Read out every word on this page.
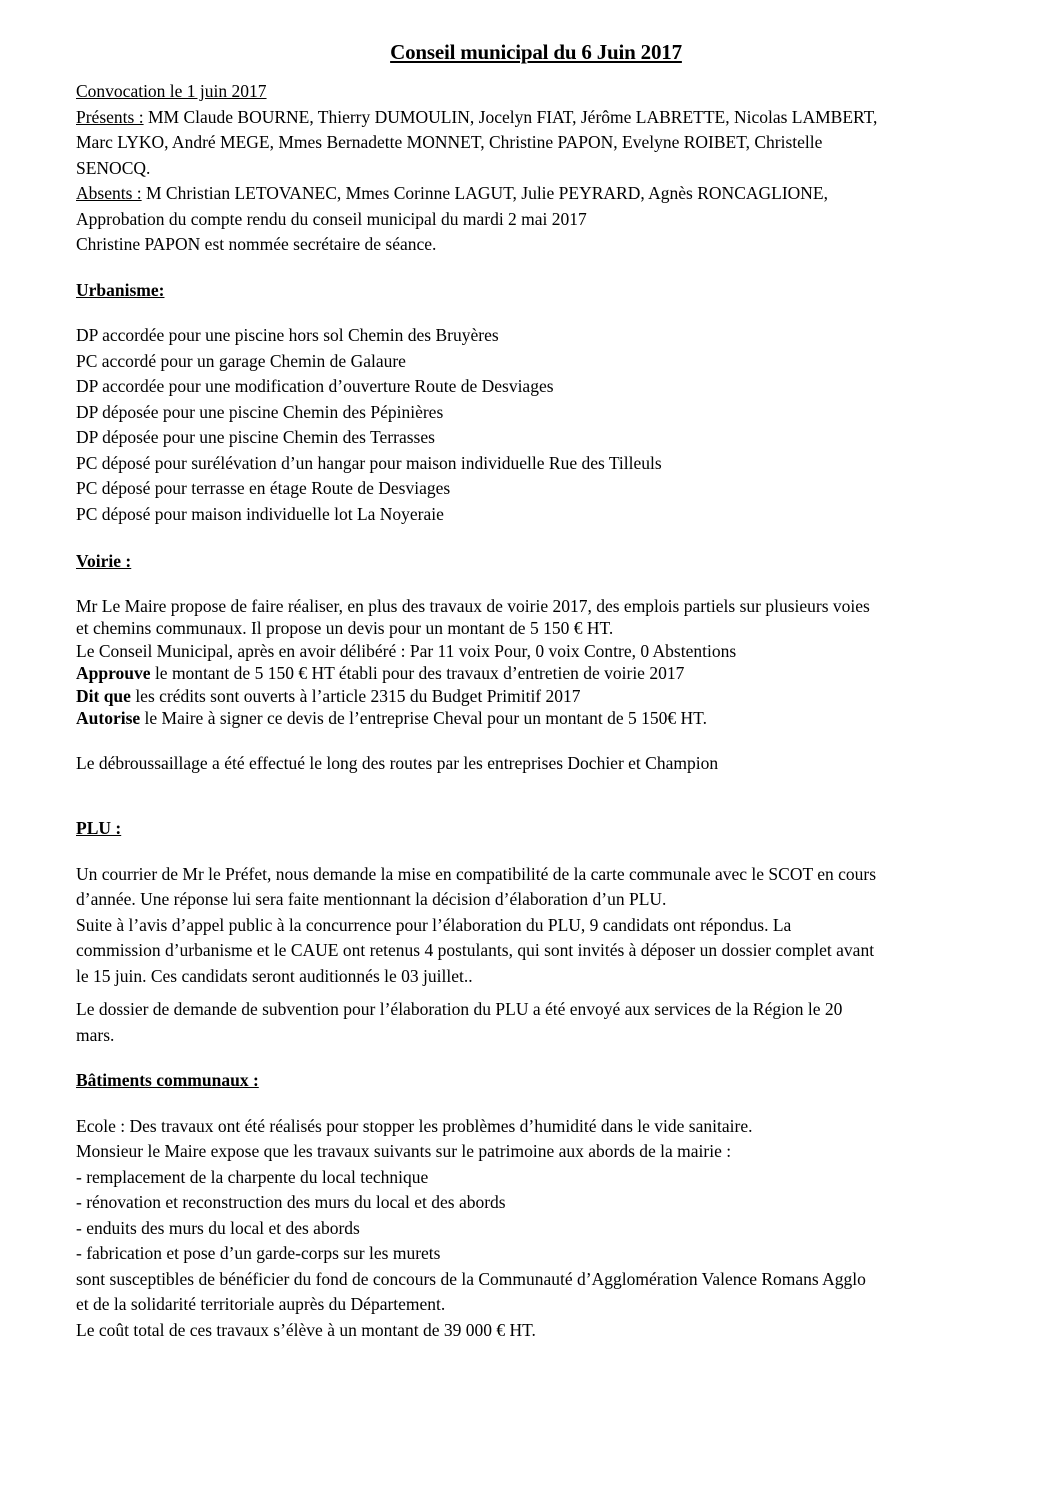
Conseil municipal du 6 Juin 2017
Convocation le 1 juin 2017
Présents : MM Claude BOURNE, Thierry DUMOULIN, Jocelyn FIAT, Jérôme LABRETTE, Nicolas LAMBERT,
Marc LYKO, André MEGE, Mmes Bernadette MONNET, Christine PAPON, Evelyne ROIBET, Christelle
SENOCQ.
Absents : M Christian LETOVANEC, Mmes Corinne LAGUT, Julie PEYRARD, Agnès RONCAGLIONE,
Approbation du compte rendu du conseil municipal du mardi 2 mai 2017
Christine PAPON est nommée secrétaire de séance.
Urbanisme:
DP accordée pour une piscine hors sol Chemin des Bruyères
PC accordé pour un garage Chemin de Galaure
DP accordée pour une modification d’ouverture Route de Desviages
DP déposée pour une piscine Chemin des Pépinières
DP déposée pour une piscine Chemin des Terrasses
PC déposé pour surélévation d’un hangar pour maison individuelle Rue des Tilleuls
PC déposé pour terrasse en étage Route de Desviages
PC déposé pour maison individuelle lot La Noyeraie
Voirie :
Mr Le Maire propose de faire réaliser, en plus des travaux de voirie 2017, des emplois partiels sur plusieurs voies
et chemins communaux. Il propose un devis pour un montant de 5 150 € HT.
Le Conseil Municipal, après en avoir délibéré : Par 11 voix Pour, 0 voix Contre, 0 Abstentions
Approuve le montant de 5 150 € HT établi pour des travaux d’entretien de voirie 2017
Dit que les crédits sont ouverts à l’article 2315 du Budget Primitif 2017
Autorise le Maire à signer ce devis de l’entreprise Cheval pour un montant de 5 150€ HT.
Le débroussaillage a été effectué le long des routes par les entreprises Dochier et Champion
PLU :
Un courrier de Mr le Préfet, nous demande la mise en compatibilité de la carte communale avec le SCOT en cours
d’année. Une réponse lui sera faite mentionnant la décision d’élaboration d’un PLU.
Suite à l’avis d’appel public à la concurrence pour l’élaboration du PLU, 9 candidats ont répondus. La
commission d’urbanisme et le CAUE ont retenus 4 postulants, qui sont invités à déposer un dossier complet avant
le 15 juin. Ces candidats seront auditionnés le 03 juillet..
Le dossier de demande de subvention pour l’élaboration du PLU a été envoyé aux services de la Région le 20
mars.
Bâtiments communaux :
Ecole : Des travaux ont été réalisés pour stopper les problèmes d’humidité dans le vide sanitaire.
Monsieur le Maire expose que les travaux suivants sur le patrimoine aux abords de la mairie :
- remplacement de la charpente du local technique
- rénovation et reconstruction des murs du local et des abords
- enduits des murs du local et des abords
- fabrication et pose d’un garde-corps sur les murets
sont susceptibles de bénéficier du fond de concours de la Communauté d’Agglomération Valence Romans Agglo
et de la solidarité territoriale auprès du Département.
Le coût total de ces travaux s’élève à un montant de 39 000 € HT.
